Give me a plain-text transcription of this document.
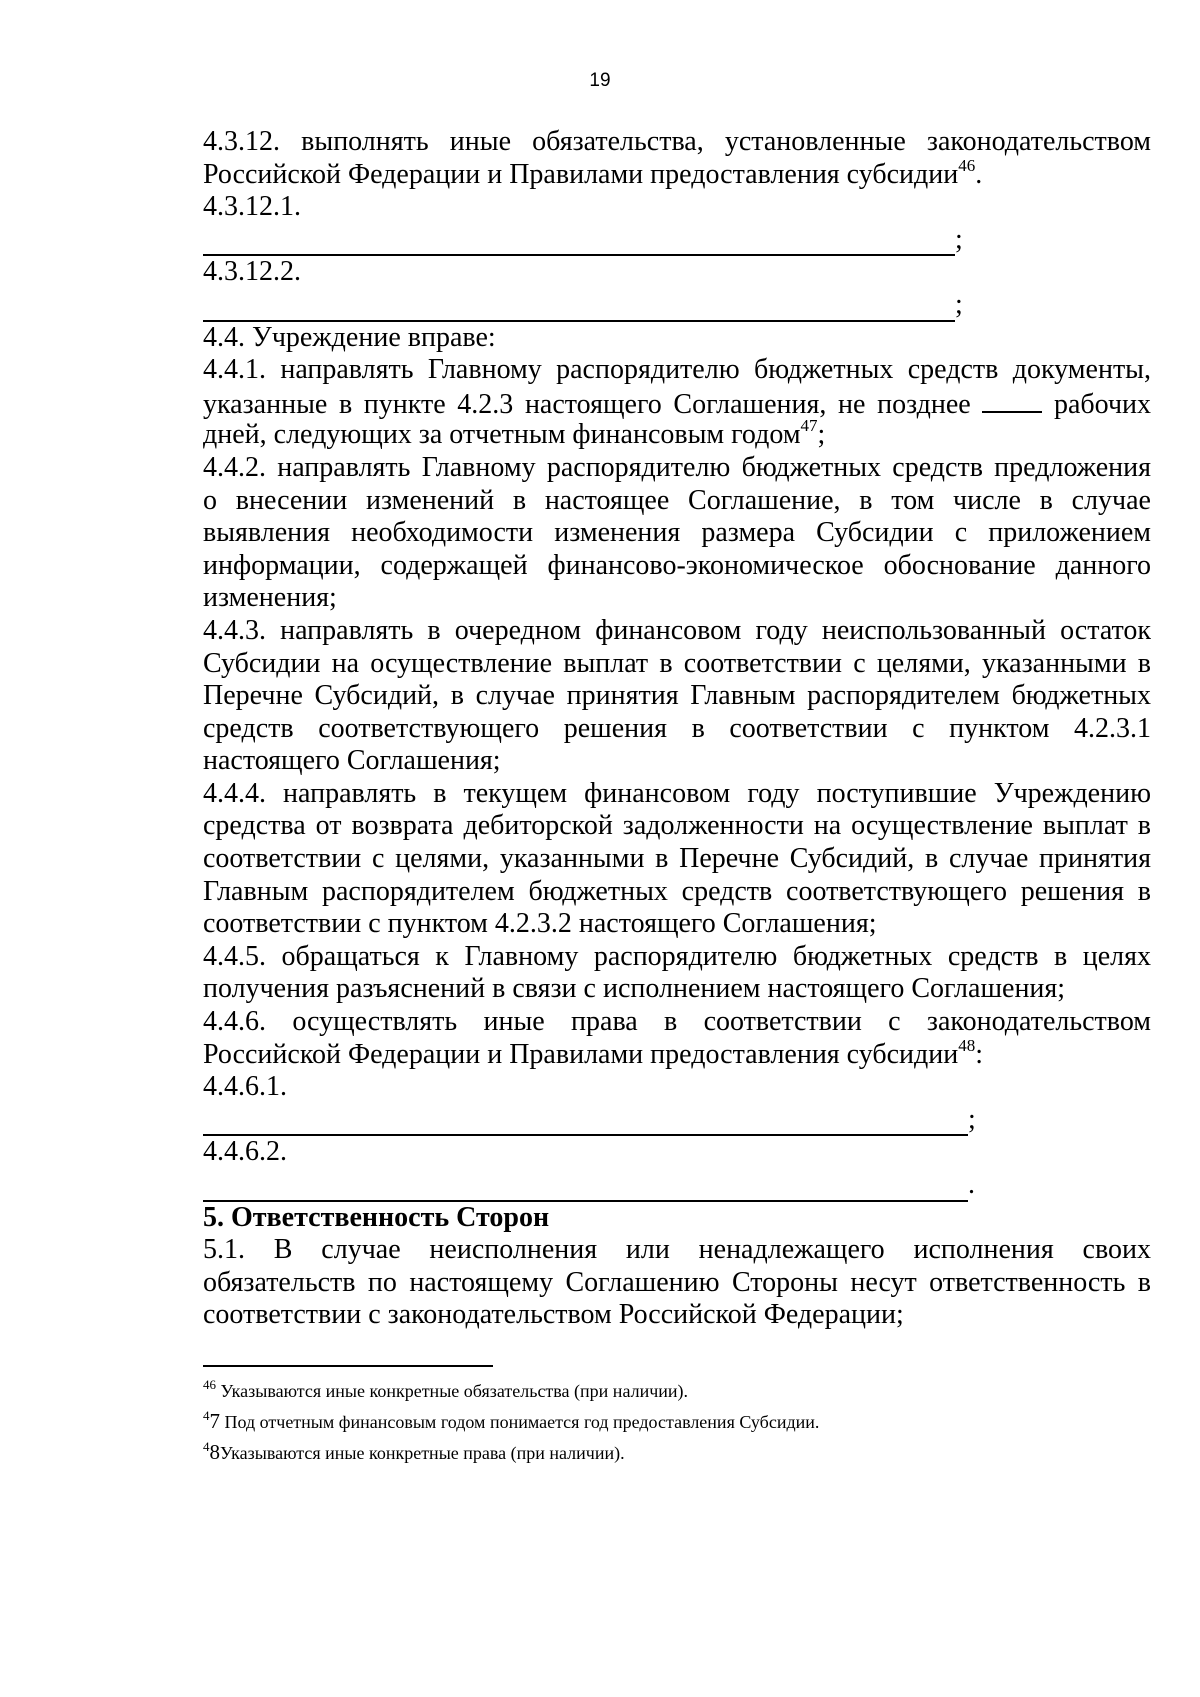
19
4.3.12. выполнять иные обязательства, установленные законодательством
Российской Федерации и Правилами предоставления субсидии$^{46}$.
4.3.12.1.
;
4.3.12.2.
;
4.4. Учреждение вправе:
4.4.1. направлять Главному распорядителю бюджетных средств документы,
указанные в пункте 4.2.3 настоящего Соглашения, не позднее	рабочих
дней, следующих за отчетным финансовым годом$^{47}$;
4.4.2. направлять Главному распорядителю бюджетных средств предложения
о внесении изменений в настоящее Соглашение, в том числе в случае
выявления необходимости изменения размера Субсидии с приложением
информации, содержащей финансово-экономическое обоснование данного
изменения;
4.4.3. направлять в очередном финансовом году неиспользованный остаток
Субсидии на осуществление выплат в соответствии с целями, указанными в
Перечне Субсидий, в случае принятия Главным распорядителем бюджетных
средств соответствующего решения в соответствии с пунктом 4.2.3.1
настоящего Соглашения;
4.4.4. направлять в текущем финансовом году поступившие Учреждению
средства от возврата дебиторской задолженности на осуществление выплат в
соответствии с целями, указанными в Перечне Субсидий, в случае принятия
Главным распорядителем бюджетных средств соответствующего решения в
соответствии с пунктом 4.2.3.2 настоящего Соглашения;
4.4.5. обращаться к Главному распорядителю бюджетных средств в целях
получения разъяснений в связи с исполнением настоящего Соглашения;
4.4.6. осуществлять иные права в соответствии с законодательством
Российской Федерации и Правилами предоставления субсидии$^{48}$:
4.4.6.1.
;
4.4.6.2.
.
5. Ответственность Сторон
5.1. В случае неисполнения или ненадлежащего исполнения своих
обязательств по настоящему Соглашению Стороны несут ответственность в
соответствии с законодательством Российской Федерации;
$^{46}$ Указываются иные конкретные обязательства (при наличии).
$^4$7 Под отчетным финансовым годом понимается год предоставления Субсидии.
$^4$8Указываются иные конкретные права (при наличии).
